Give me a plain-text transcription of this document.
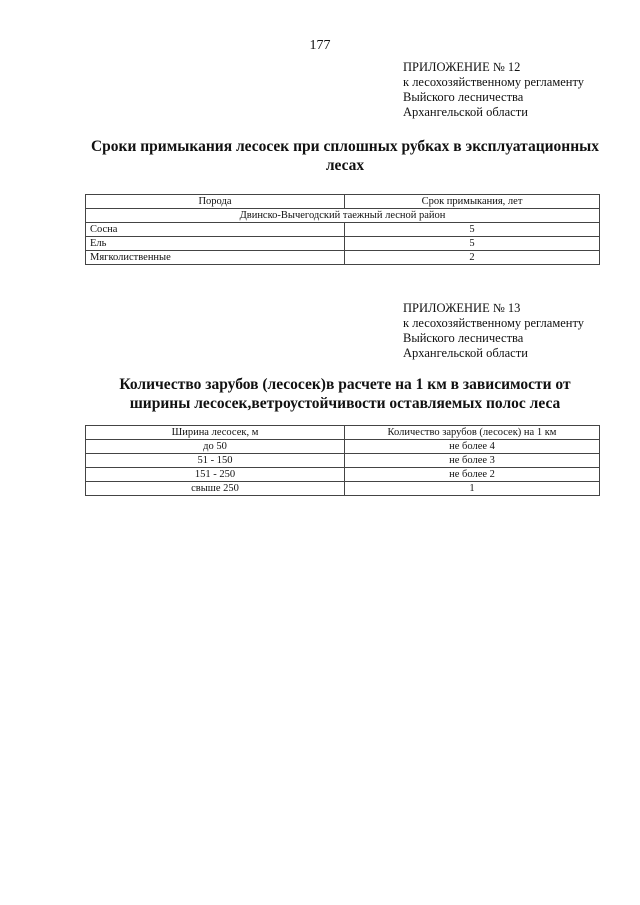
177
ПРИЛОЖЕНИЕ № 12
к лесохозяйственному регламенту
Выйского лесничества
Архангельской области
Сроки примыкания лесосек при сплошных рубках в эксплуатационных
лесах
Порода	Срок примыкания, лет
Двинско-Вычегодский таежный лесной район	
Сосна	5
Ель	5
Мягколиственные	2
ПРИЛОЖЕНИЕ № 13
к лесохозяйственному регламенту
Выйского лесничества
Архангельской области
Количество зарубов (лесосек)в расчете на 1 км в зависимости от
ширины лесосек,ветроустойчивости оставляемых полос леса
Ширина лесосек, м	Количество зарубов (лесосек) на 1 км
до 50	не более 4
51 - 150	не более 3
151 - 250	не более 2
свыше 250	1
